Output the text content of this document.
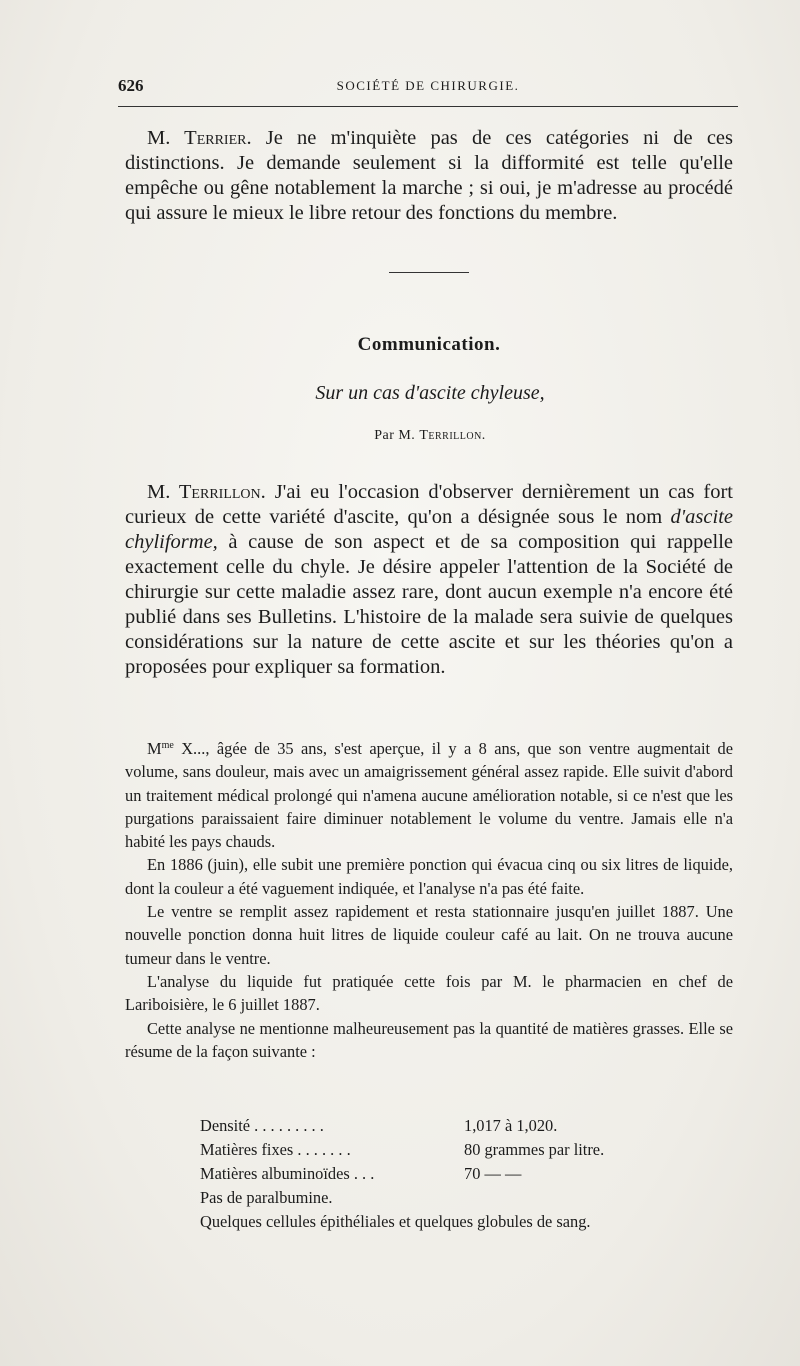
626	SOCIÉTÉ DE CHIRURGIE.

M. Terrier. Je ne m'inquiète pas de ces catégories ni de ces distinctions. Je demande seulement si la difformité est telle qu'elle empêche ou gêne notablement la marche ; si oui, je m'adresse au procédé qui assure le mieux le libre retour des fonctions du membre.

Communication.
Sur un cas d'ascite chyleuse,
Par M. Terrillon.

M. Terrillon. J'ai eu l'occasion d'observer dernièrement un cas fort curieux de cette variété d'ascite, qu'on a désignée sous le nom d'ascite chyliforme, à cause de son aspect et de sa composition qui rappelle exactement celle du chyle. Je désire appeler l'attention de la Société de chirurgie sur cette maladie assez rare, dont aucun exemple n'a encore été publié dans ses Bulletins. L'histoire de la malade sera suivie de quelques considérations sur la nature de cette ascite et sur les théories qu'on a proposées pour expliquer sa formation.

$M^{me}$ X..., âgée de 35 ans, s'est aperçue, il y a 8 ans, que son ventre augmentait de volume, sans douleur, mais avec un amaigrissement général assez rapide. Elle suivit d'abord un traitement médical prolongé qui n'amena aucune amélioration notable, si ce n'est que les purgations paraissaient faire diminuer notablement le volume du ventre. Jamais elle n'a habité les pays chauds.

En 1886 (juin), elle subit une première ponction qui évacua cinq ou six litres de liquide, dont la couleur a été vaguement indiquée, et l'analyse n'a pas été faite.

Le ventre se remplit assez rapidement et resta stationnaire jusqu'en juillet 1887. Une nouvelle ponction donna huit litres de liquide couleur café au lait. On ne trouva aucune tumeur dans le ventre.

L'analyse du liquide fut pratiquée cette fois par M. le pharmacien en chef de Lariboisière, le 6 juillet 1887.

Cette analyse ne mentionne malheureusement pas la quantité de matières grasses. Elle se résume de la façon suivante :

Densité . . . . . . . . .	1,017 à 1,020.
Matières fixes . . . . . . .	80 grammes par litre.
Matières albuminoïdes . . .	70 — —
Pas de paralbumine.
Quelques cellules épithéliales et quelques globules de sang.
